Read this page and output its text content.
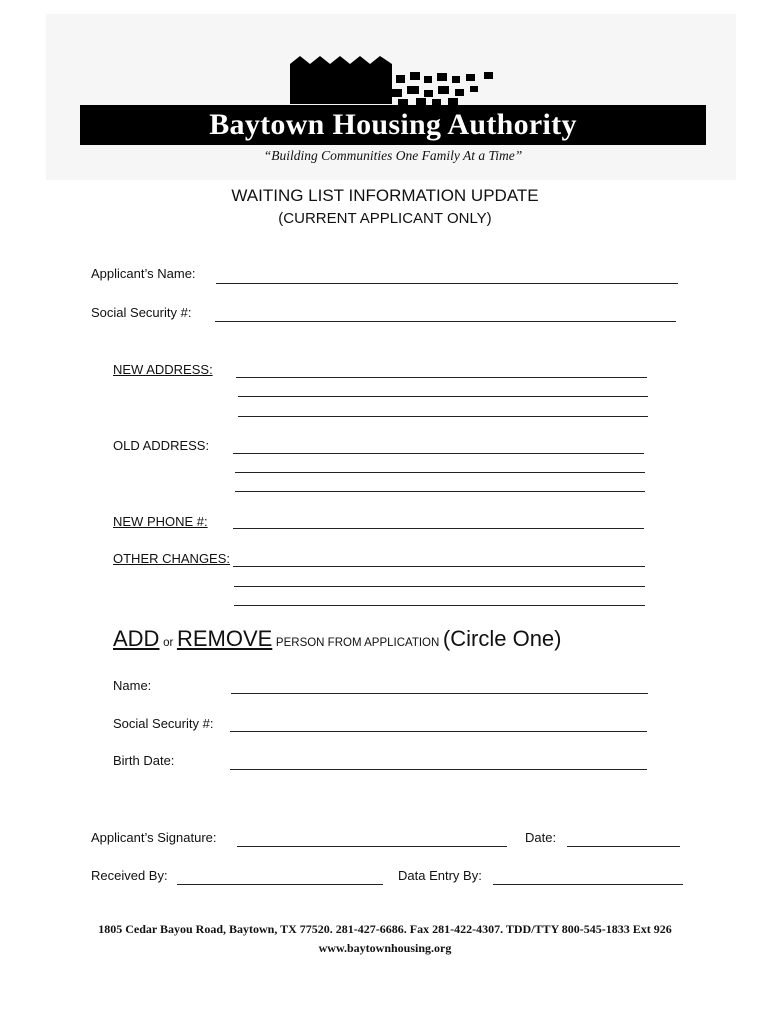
Baytown Housing Authority
“Building Communities One Family At a Time”
WAITING LIST INFORMATION UPDATE
(CURRENT APPLICANT ONLY)
Applicant’s Name:
Social Security #:
NEW ADDRESS:
OLD ADDRESS:
NEW PHONE #:
OTHER CHANGES:
ADD or REMOVE PERSON FROM APPLICATION (Circle One)
Name:
Social Security #:
Birth Date:
Applicant’s Signature:	Date:
Received By:	Data Entry By:
1805 Cedar Bayou Road, Baytown, TX 77520. 281-427-6686. Fax 281-422-4307. TDD/TTY 800-545-1833 Ext 926
www.baytownhousing.org
